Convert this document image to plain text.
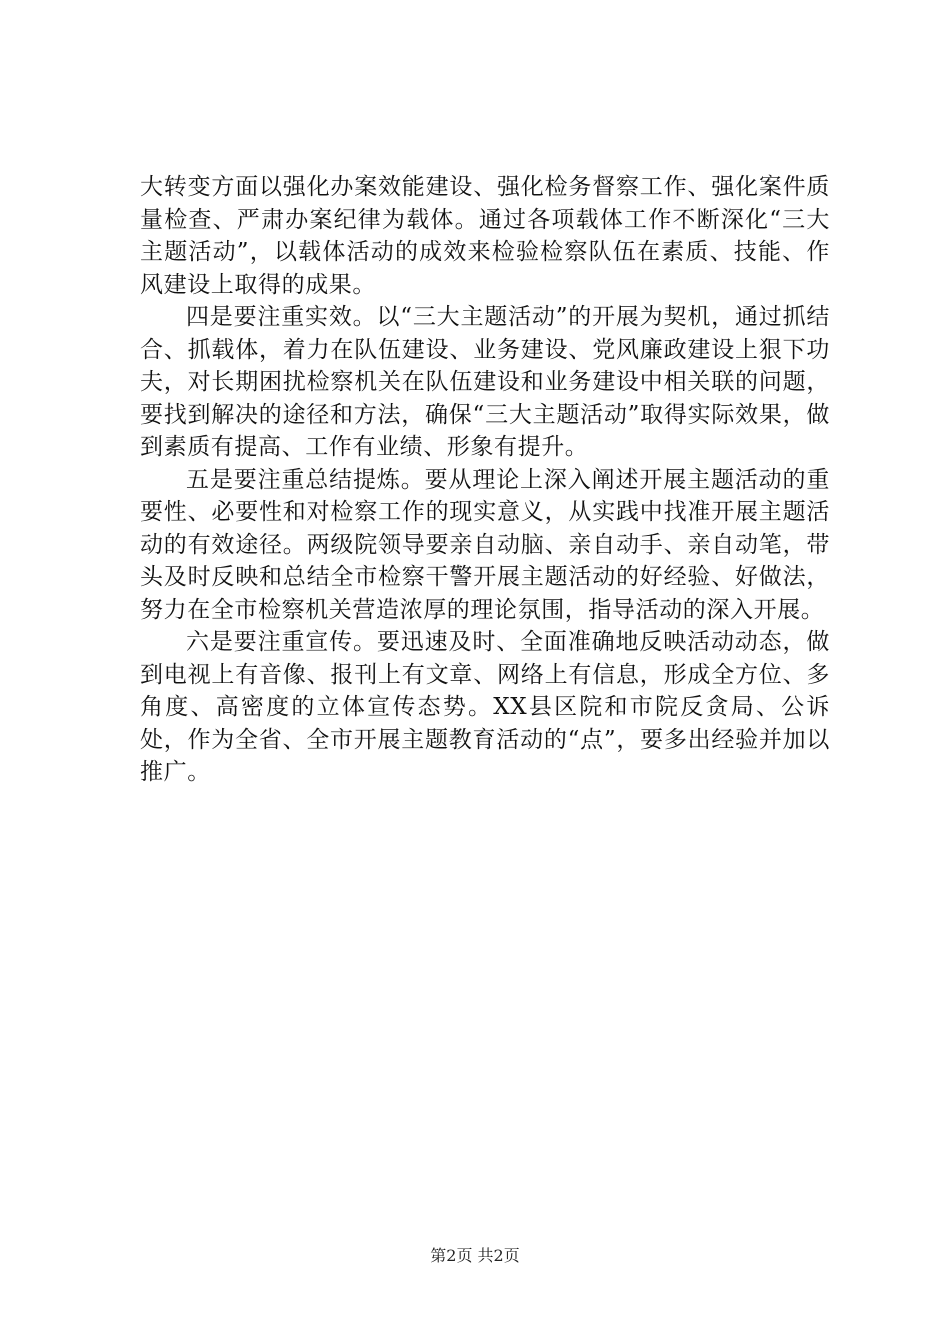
大转变方面以强化办案效能建设、强化检务督察工作、强化案件质量检查、严肃办案纪律为载体。通过各项载体工作不断深化“三大主题活动”，以载体活动的成效来检验检察队伍在素质、技能、作风建设上取得的成果。

四是要注重实效。以“三大主题活动”的开展为契机，通过抓结合、抓载体，着力在队伍建设、业务建设、党风廉政建设上狠下功夫，对长期困扰检察机关在队伍建设和业务建设中相关联的问题，要找到解决的途径和方法，确保“三大主题活动”取得实际效果，做到素质有提高、工作有业绩、形象有提升。

五是要注重总结提炼。要从理论上深入阐述开展主题活动的重要性、必要性和对检察工作的现实意义，从实践中找准开展主题活动的有效途径。两级院领导要亲自动脑、亲自动手、亲自动笔，带头及时反映和总结全市检察干警开展主题活动的好经验、好做法，努力在全市检察机关营造浓厚的理论氛围，指导活动的深入开展。

六是要注重宣传。要迅速及时、全面准确地反映活动动态，做到电视上有音像、报刊上有文章、网络上有信息，形成全方位、多角度、高密度的立体宣传态势。XX县区院和市院反贪局、公诉处，作为全省、全市开展主题教育活动的“点”，要多出经验并加以推广。

第2页 共2页
